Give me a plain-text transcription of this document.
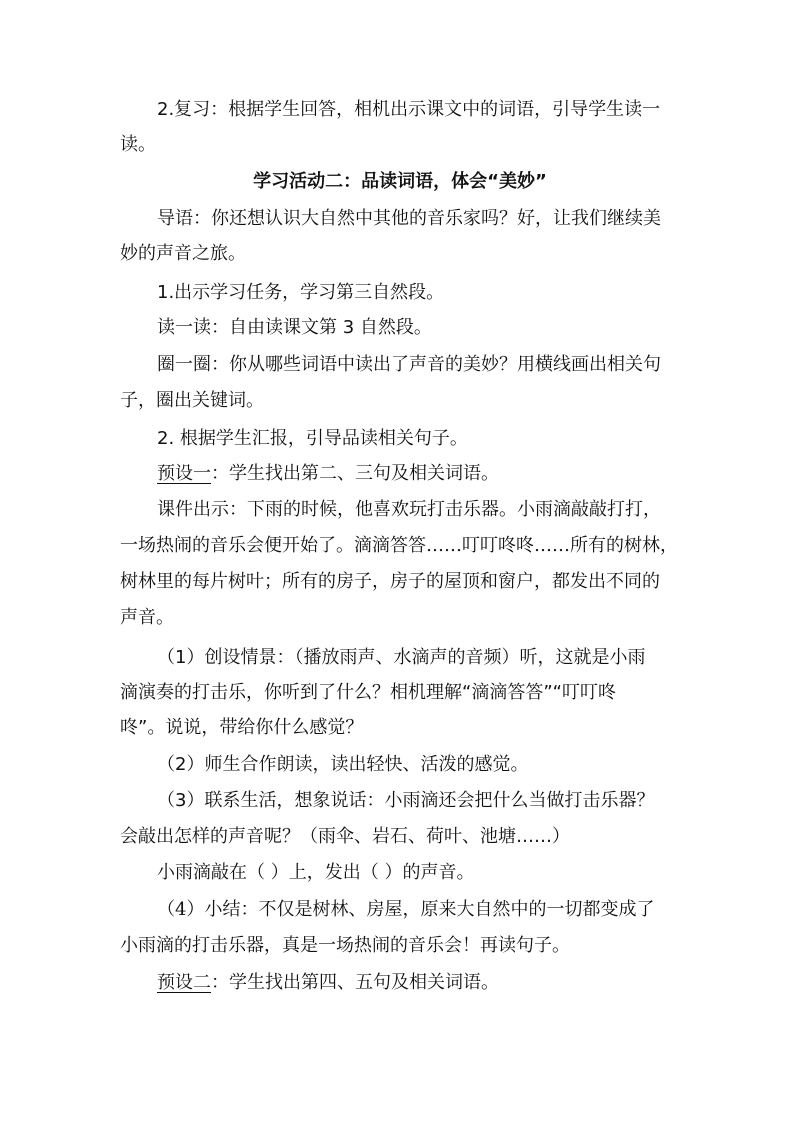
2.复习：根据学生回答，相机出示课文中的词语，引导学生读一
读。
学习活动二：品读词语，体会“美妙”
导语：你还想认识大自然中其他的音乐家吗？好，让我们继续美
妙的声音之旅。
1.出示学习任务，学习第三自然段。
读一读：自由读课文第 3 自然段。
圈一圈：你从哪些词语中读出了声音的美妙？用横线画出相关句
子，圈出关键词。
2. 根据学生汇报，引导品读相关句子。
预设一：学生找出第二、三句及相关词语。
课件出示：下雨的时候，他喜欢玩打击乐器。小雨滴敲敲打打，
一场热闹的音乐会便开始了。滴滴答答……叮叮咚咚……所有的树林，
树林里的每片树叶；所有的房子，房子的屋顶和窗户，都发出不同的
声音。
（1）创设情景：（播放雨声、水滴声的音频）听，这就是小雨
滴演奏的打击乐，你听到了什么？相机理解“滴滴答答”“叮叮咚
咚”。说说，带给你什么感觉？
（2）师生合作朗读，读出轻快、活泼的感觉。
（3）联系生活，想象说话：小雨滴还会把什么当做打击乐器？
会敲出怎样的声音呢？（雨伞、岩石、荷叶、池塘……）
小雨滴敲在（ ）上，发出（ ）的声音。
（4）小结：不仅是树林、房屋，原来大自然中的一切都变成了
小雨滴的打击乐器，真是一场热闹的音乐会！再读句子。
预设二：学生找出第四、五句及相关词语。
